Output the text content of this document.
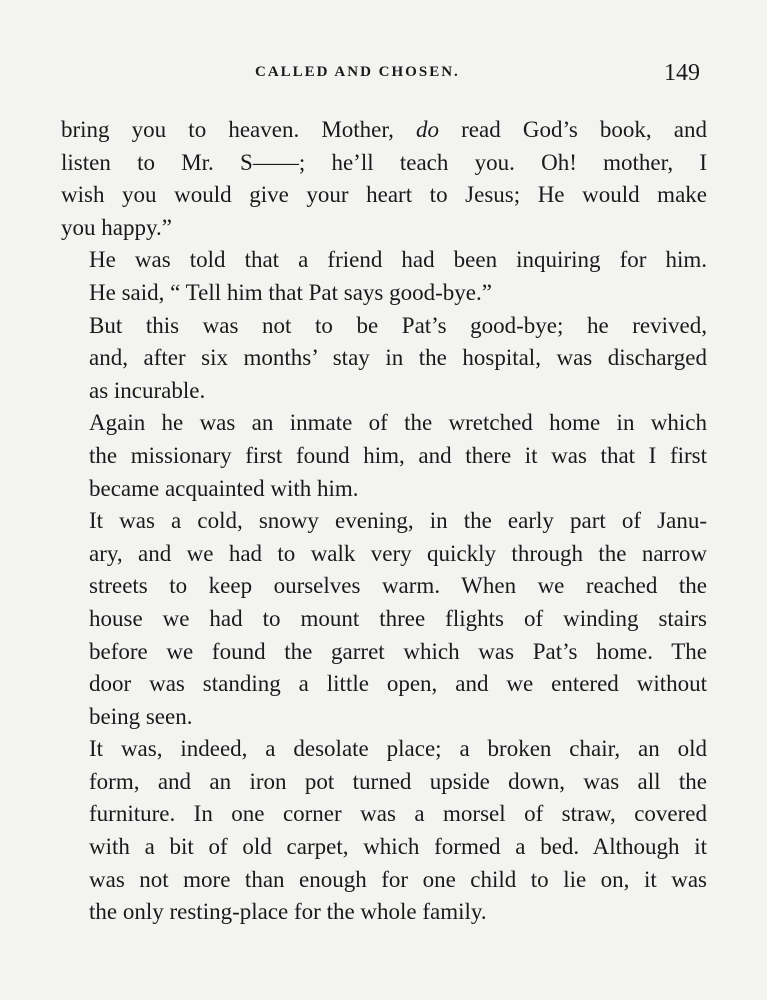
CALLED AND CHOSEN.	149
bring you to heaven. Mother, do read God’s book, and
listen to Mr. S——; he’ll teach you. Oh! mother, I
wish you would give your heart to Jesus; He would make
you happy.”
He was told that a friend had been inquiring for him.
He said, “ Tell him that Pat says good-bye.”
But this was not to be Pat’s good-bye; he revived,
and, after six months’ stay in the hospital, was discharged
as incurable.
Again he was an inmate of the wretched home in which
the missionary first found him, and there it was that I first
became acquainted with him.
It was a cold, snowy evening, in the early part of Janu-
ary, and we had to walk very quickly through the narrow
streets to keep ourselves warm. When we reached the
house we had to mount three flights of winding stairs
before we found the garret which was Pat’s home. The
door was standing a little open, and we entered without
being seen.
It was, indeed, a desolate place; a broken chair, an old
form, and an iron pot turned upside down, was all the
furniture. In one corner was a morsel of straw, covered
with a bit of old carpet, which formed a bed. Although it
was not more than enough for one child to lie on, it was
the only resting-place for the whole family.
